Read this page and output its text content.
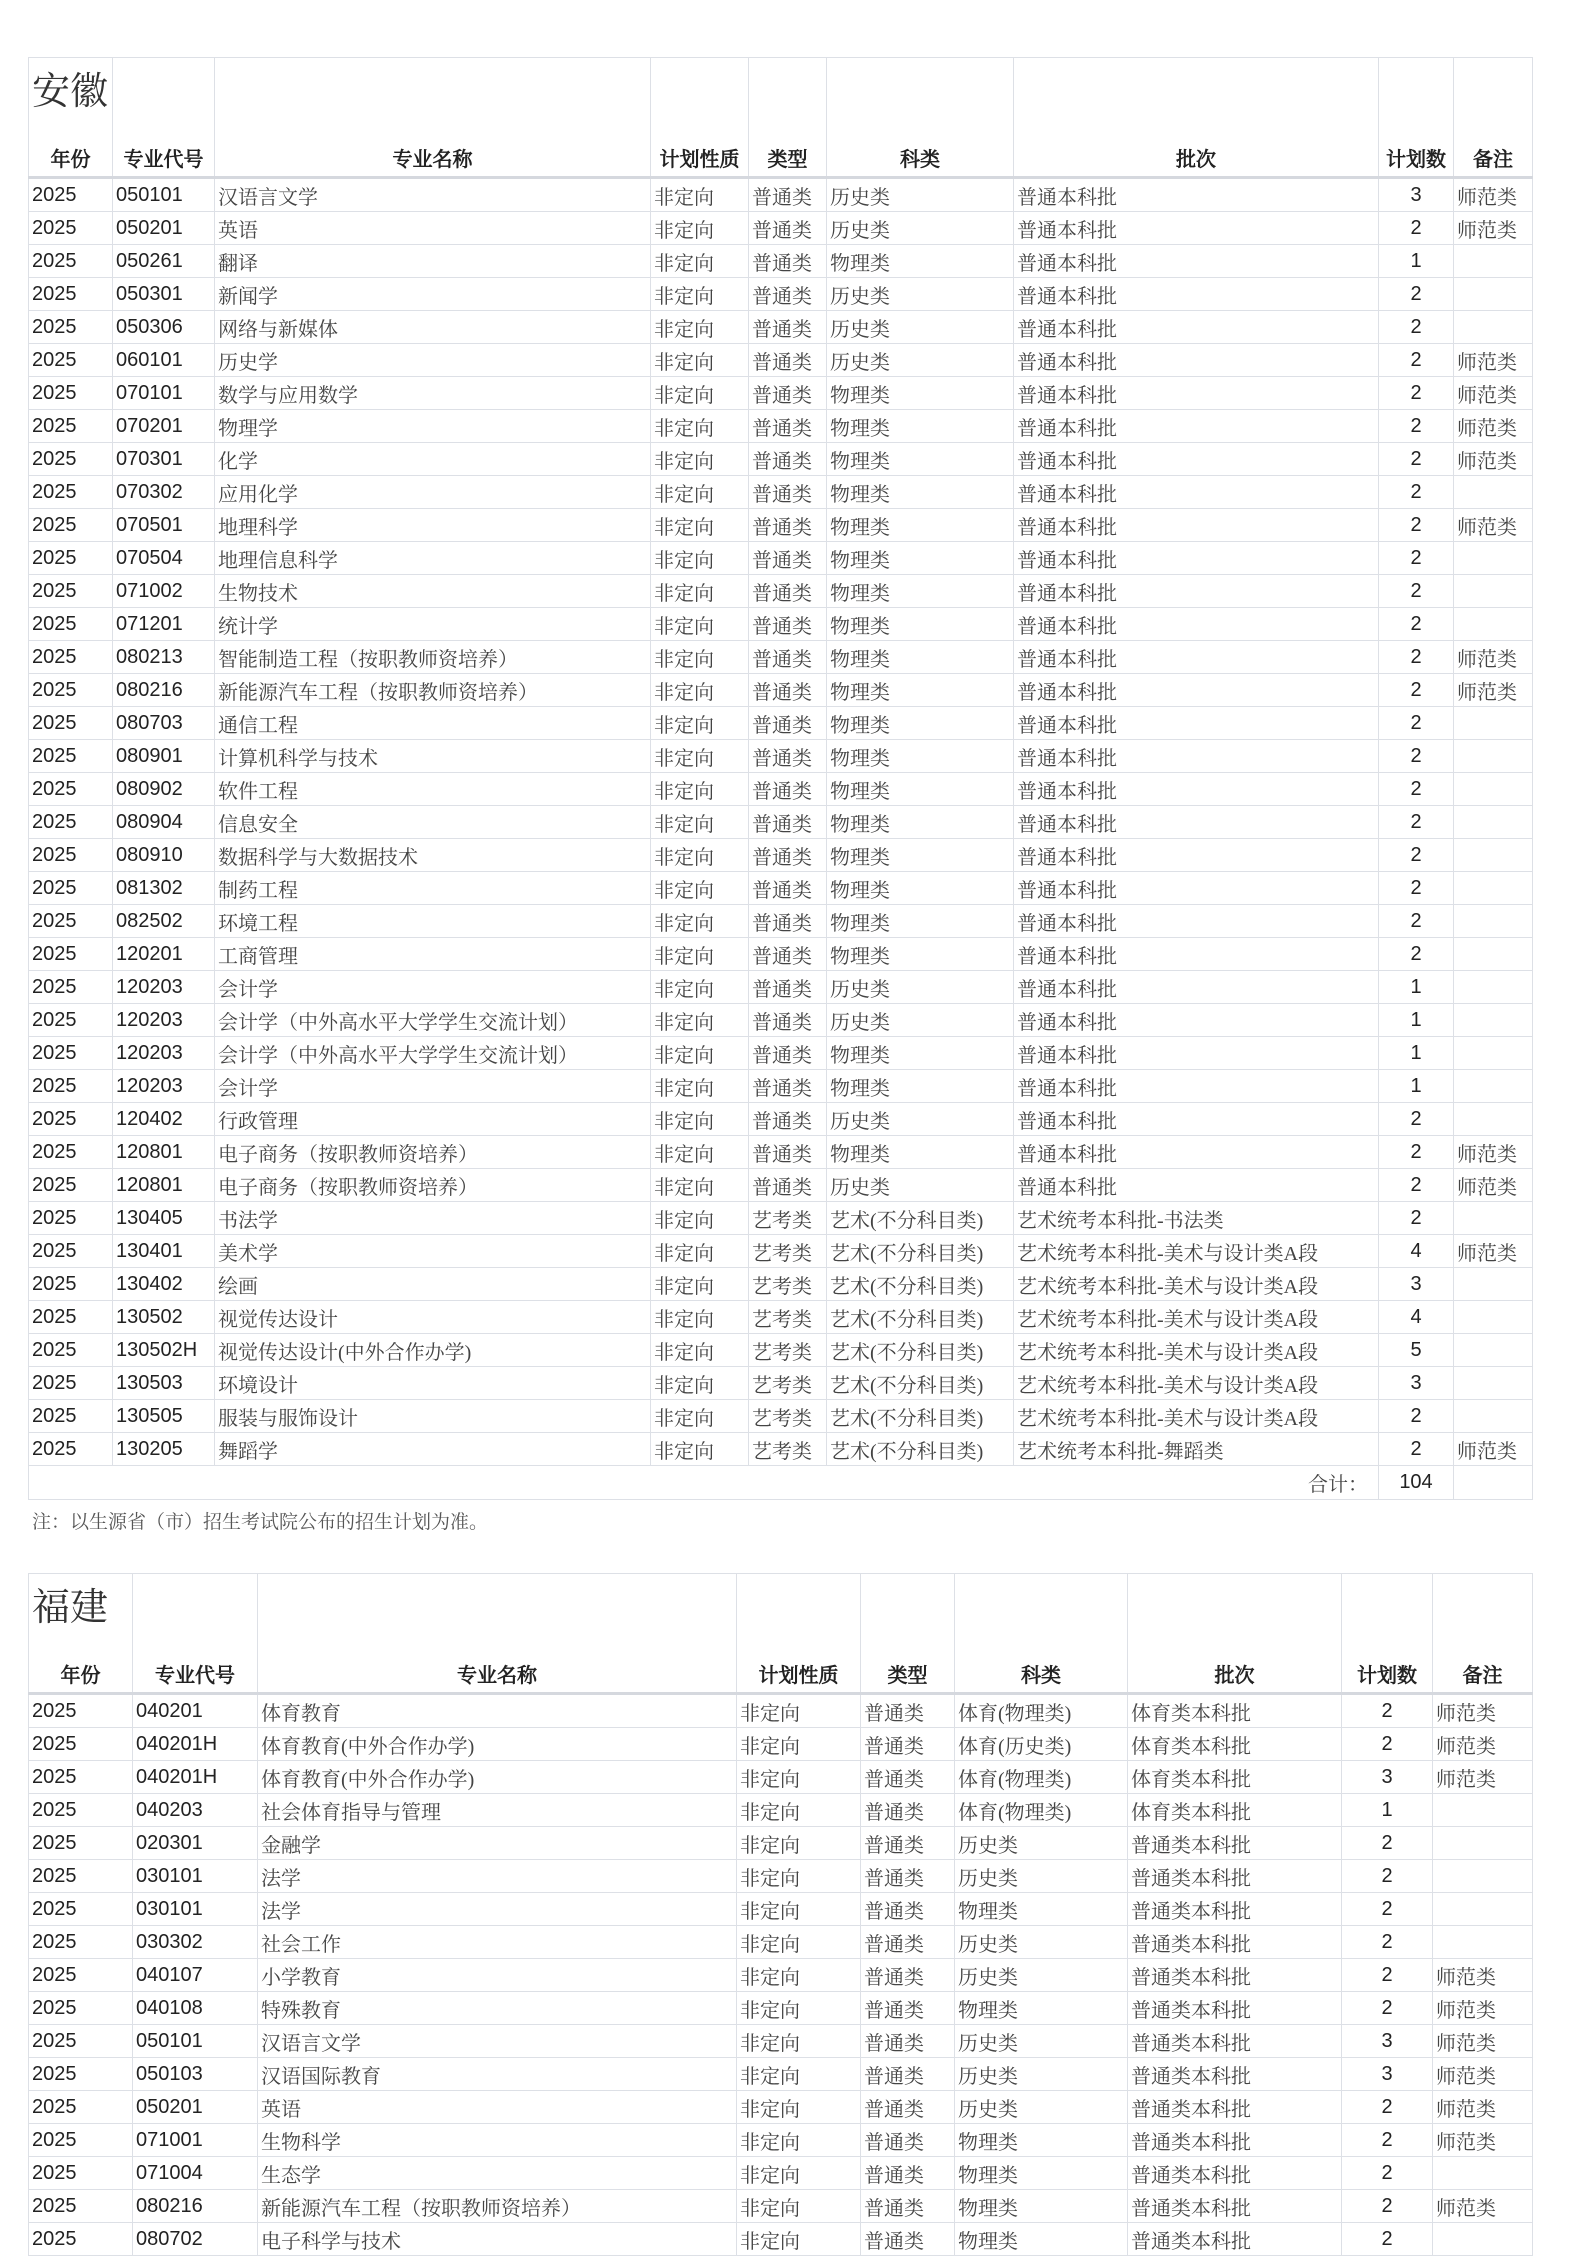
安徽
年份	专业代号	专业名称	计划性质	类型	科类	批次	计划数	备注
2025	050101	汉语言文学	非定向	普通类	历史类	普通本科批	3	师范类
2025	050201	英语	非定向	普通类	历史类	普通本科批	2	师范类
2025	050261	翻译	非定向	普通类	物理类	普通本科批	1	
2025	050301	新闻学	非定向	普通类	历史类	普通本科批	2	
2025	050306	网络与新媒体	非定向	普通类	历史类	普通本科批	2	
2025	060101	历史学	非定向	普通类	历史类	普通本科批	2	师范类
2025	070101	数学与应用数学	非定向	普通类	物理类	普通本科批	2	师范类
2025	070201	物理学	非定向	普通类	物理类	普通本科批	2	师范类
2025	070301	化学	非定向	普通类	物理类	普通本科批	2	师范类
2025	070302	应用化学	非定向	普通类	物理类	普通本科批	2	
2025	070501	地理科学	非定向	普通类	物理类	普通本科批	2	师范类
2025	070504	地理信息科学	非定向	普通类	物理类	普通本科批	2	
2025	071002	生物技术	非定向	普通类	物理类	普通本科批	2	
2025	071201	统计学	非定向	普通类	物理类	普通本科批	2	
2025	080213	智能制造工程（按职教师资培养）	非定向	普通类	物理类	普通本科批	2	师范类
2025	080216	新能源汽车工程（按职教师资培养）	非定向	普通类	物理类	普通本科批	2	师范类
2025	080703	通信工程	非定向	普通类	物理类	普通本科批	2	
2025	080901	计算机科学与技术	非定向	普通类	物理类	普通本科批	2	
2025	080902	软件工程	非定向	普通类	物理类	普通本科批	2	
2025	080904	信息安全	非定向	普通类	物理类	普通本科批	2	
2025	080910	数据科学与大数据技术	非定向	普通类	物理类	普通本科批	2	
2025	081302	制药工程	非定向	普通类	物理类	普通本科批	2	
2025	082502	环境工程	非定向	普通类	物理类	普通本科批	2	
2025	120201	工商管理	非定向	普通类	物理类	普通本科批	2	
2025	120203	会计学	非定向	普通类	历史类	普通本科批	1	
2025	120203	会计学（中外高水平大学学生交流计划）	非定向	普通类	历史类	普通本科批	1	
2025	120203	会计学（中外高水平大学学生交流计划）	非定向	普通类	物理类	普通本科批	1	
2025	120203	会计学	非定向	普通类	物理类	普通本科批	1	
2025	120402	行政管理	非定向	普通类	历史类	普通本科批	2	
2025	120801	电子商务（按职教师资培养）	非定向	普通类	物理类	普通本科批	2	师范类
2025	120801	电子商务（按职教师资培养）	非定向	普通类	历史类	普通本科批	2	师范类
2025	130405	书法学	非定向	艺考类	艺术(不分科目类)	艺术统考本科批-书法类	2	
2025	130401	美术学	非定向	艺考类	艺术(不分科目类)	艺术统考本科批-美术与设计类A段	4	师范类
2025	130402	绘画	非定向	艺考类	艺术(不分科目类)	艺术统考本科批-美术与设计类A段	3	
2025	130502	视觉传达设计	非定向	艺考类	艺术(不分科目类)	艺术统考本科批-美术与设计类A段	4	
2025	130502H	视觉传达设计(中外合作办学)	非定向	艺考类	艺术(不分科目类)	艺术统考本科批-美术与设计类A段	5	
2025	130503	环境设计	非定向	艺考类	艺术(不分科目类)	艺术统考本科批-美术与设计类A段	3	
2025	130505	服装与服饰设计	非定向	艺考类	艺术(不分科目类)	艺术统考本科批-美术与设计类A段	2	
2025	130205	舞蹈学	非定向	艺考类	艺术(不分科目类)	艺术统考本科批-舞蹈类	2	师范类
合计：							104	
注：以生源省（市）招生考试院公布的招生计划为准。
福建
年份	专业代号	专业名称	计划性质	类型	科类	批次	计划数	备注
2025	040201	体育教育	非定向	普通类	体育(物理类)	体育类本科批	2	师范类
2025	040201H	体育教育(中外合作办学)	非定向	普通类	体育(历史类)	体育类本科批	2	师范类
2025	040201H	体育教育(中外合作办学)	非定向	普通类	体育(物理类)	体育类本科批	3	师范类
2025	040203	社会体育指导与管理	非定向	普通类	体育(物理类)	体育类本科批	1	
2025	020301	金融学	非定向	普通类	历史类	普通类本科批	2	
2025	030101	法学	非定向	普通类	历史类	普通类本科批	2	
2025	030101	法学	非定向	普通类	物理类	普通类本科批	2	
2025	030302	社会工作	非定向	普通类	历史类	普通类本科批	2	
2025	040107	小学教育	非定向	普通类	历史类	普通类本科批	2	师范类
2025	040108	特殊教育	非定向	普通类	物理类	普通类本科批	2	师范类
2025	050101	汉语言文学	非定向	普通类	历史类	普通类本科批	3	师范类
2025	050103	汉语国际教育	非定向	普通类	历史类	普通类本科批	3	师范类
2025	050201	英语	非定向	普通类	历史类	普通类本科批	2	师范类
2025	071001	生物科学	非定向	普通类	物理类	普通类本科批	2	师范类
2025	071004	生态学	非定向	普通类	物理类	普通类本科批	2	
2025	080216	新能源汽车工程（按职教师资培养）	非定向	普通类	物理类	普通类本科批	2	师范类
2025	080702	电子科学与技术	非定向	普通类	物理类	普通类本科批	2	
